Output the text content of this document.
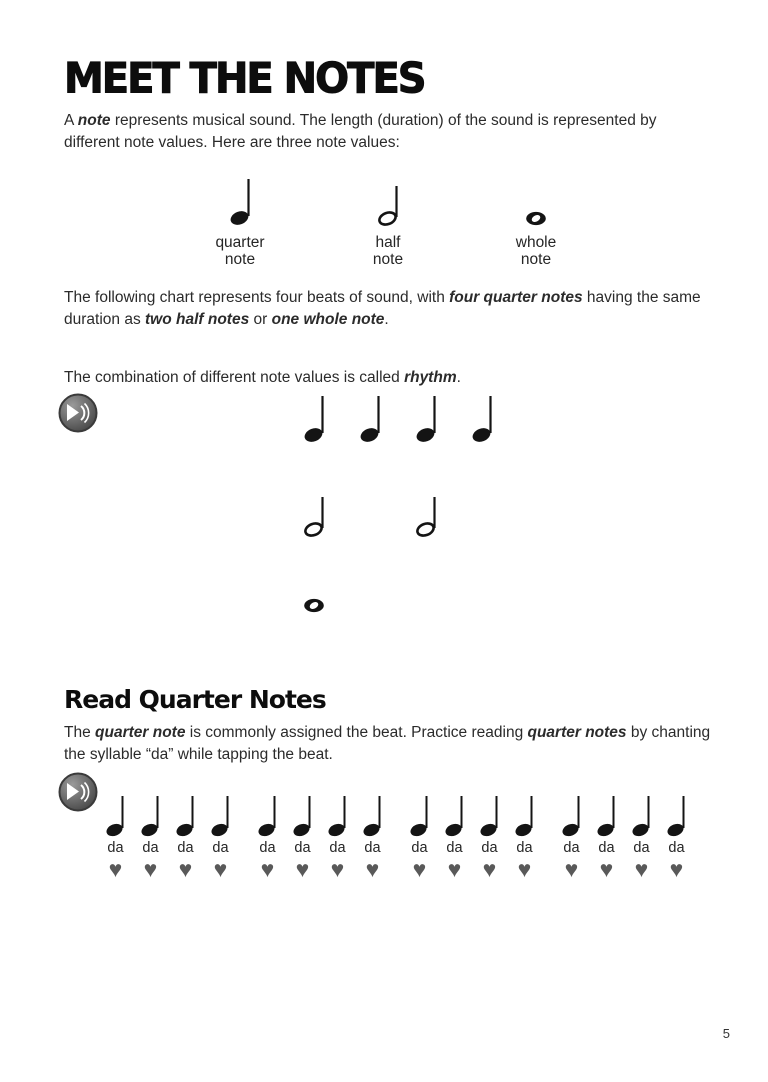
MEET THE NOTES

A note represents musical sound. The length (duration) of the sound is represented by different note values. Here are three note values:

quarter
note
half
note
whole
note

The following chart represents four beats of sound, with four quarter notes having the same duration as two half notes or one whole note.

The combination of different note values is called rhythm.

Read Quarter Notes

The quarter note is commonly assigned the beat. Practice reading quarter notes by chanting the syllable “da” while tapping the beat.

da
♥
da
♥
da
♥
da
♥
da
♥
da
♥
da
♥
da
♥
da
♥
da
♥
da
♥
da
♥
da
♥
da
♥
da
♥
da
♥
5
